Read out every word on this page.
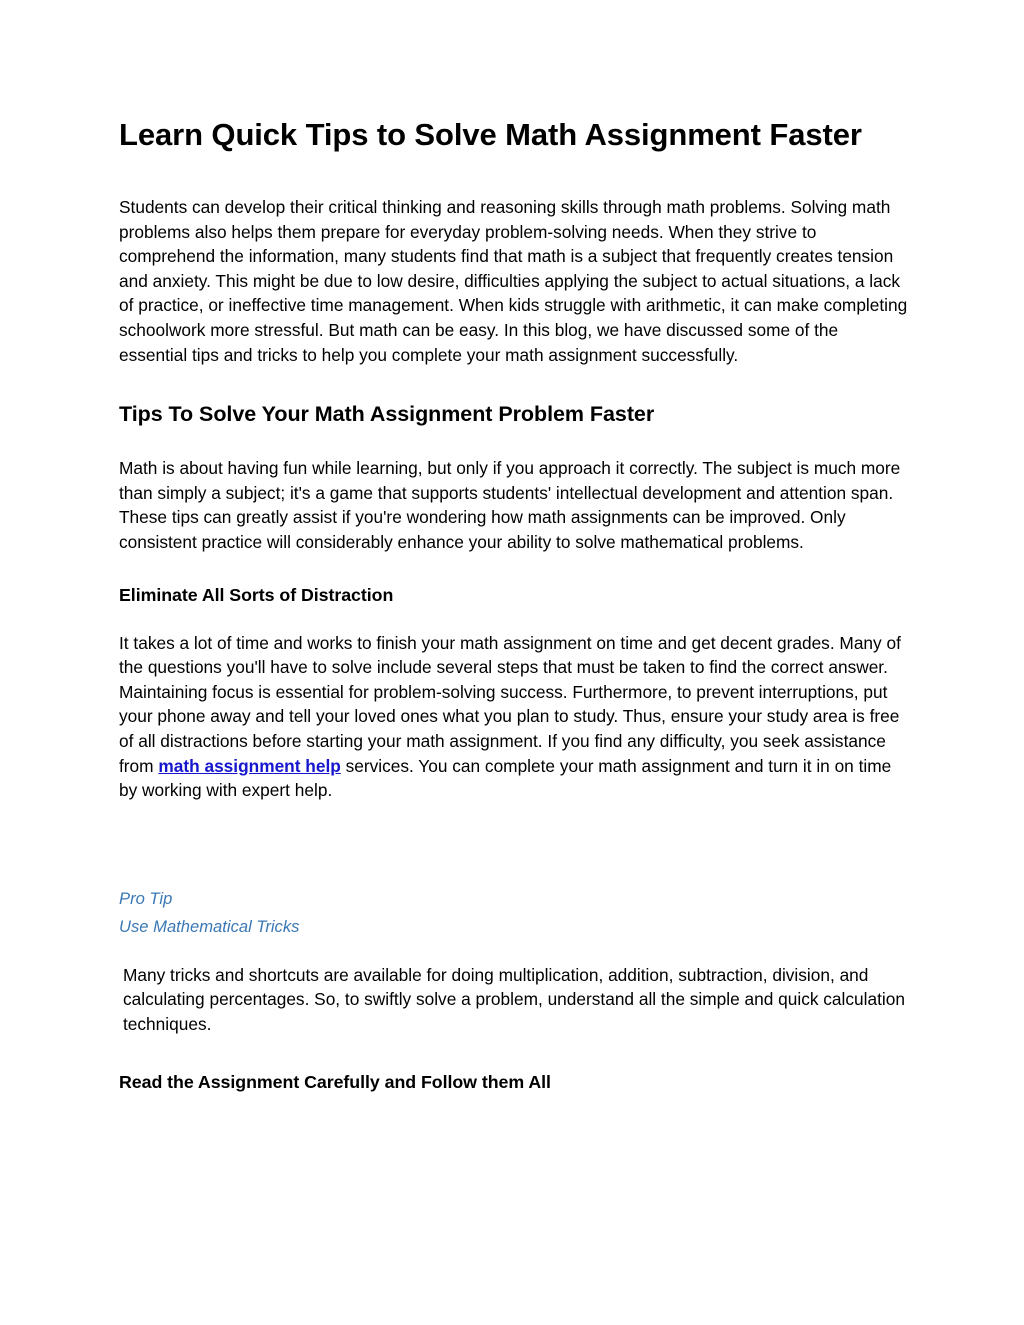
Learn Quick Tips to Solve Math Assignment Faster

Students can develop their critical thinking and reasoning skills through math problems. Solving math problems also helps them prepare for everyday problem-solving needs. When they strive to comprehend the information, many students find that math is a subject that frequently creates tension and anxiety. This might be due to low desire, difficulties applying the subject to actual situations, a lack of practice, or ineffective time management. When kids struggle with arithmetic, it can make completing schoolwork more stressful. But math can be easy. In this blog, we have discussed some of the essential tips and tricks to help you complete your math assignment successfully.

Tips To Solve Your Math Assignment Problem Faster

Math is about having fun while learning, but only if you approach it correctly. The subject is much more than simply a subject; it's a game that supports students' intellectual development and attention span. These tips can greatly assist if you're wondering how math assignments can be improved. Only consistent practice will considerably enhance your ability to solve mathematical problems.

Eliminate All Sorts of Distraction

It takes a lot of time and works to finish your math assignment on time and get decent grades. Many of the questions you'll have to solve include several steps that must be taken to find the correct answer. Maintaining focus is essential for problem-solving success. Furthermore, to prevent interruptions, put your phone away and tell your loved ones what you plan to study. Thus, ensure your study area is free of all distractions before starting your math assignment. If you find any difficulty, you seek assistance from math assignment help services. You can complete your math assignment and turn it in on time by working with expert help.

Pro Tip
Use Mathematical Tricks

Many tricks and shortcuts are available for doing multiplication, addition, subtraction, division, and calculating percentages. So, to swiftly solve a problem, understand all the simple and quick calculation techniques.

Read the Assignment Carefully and Follow them All
